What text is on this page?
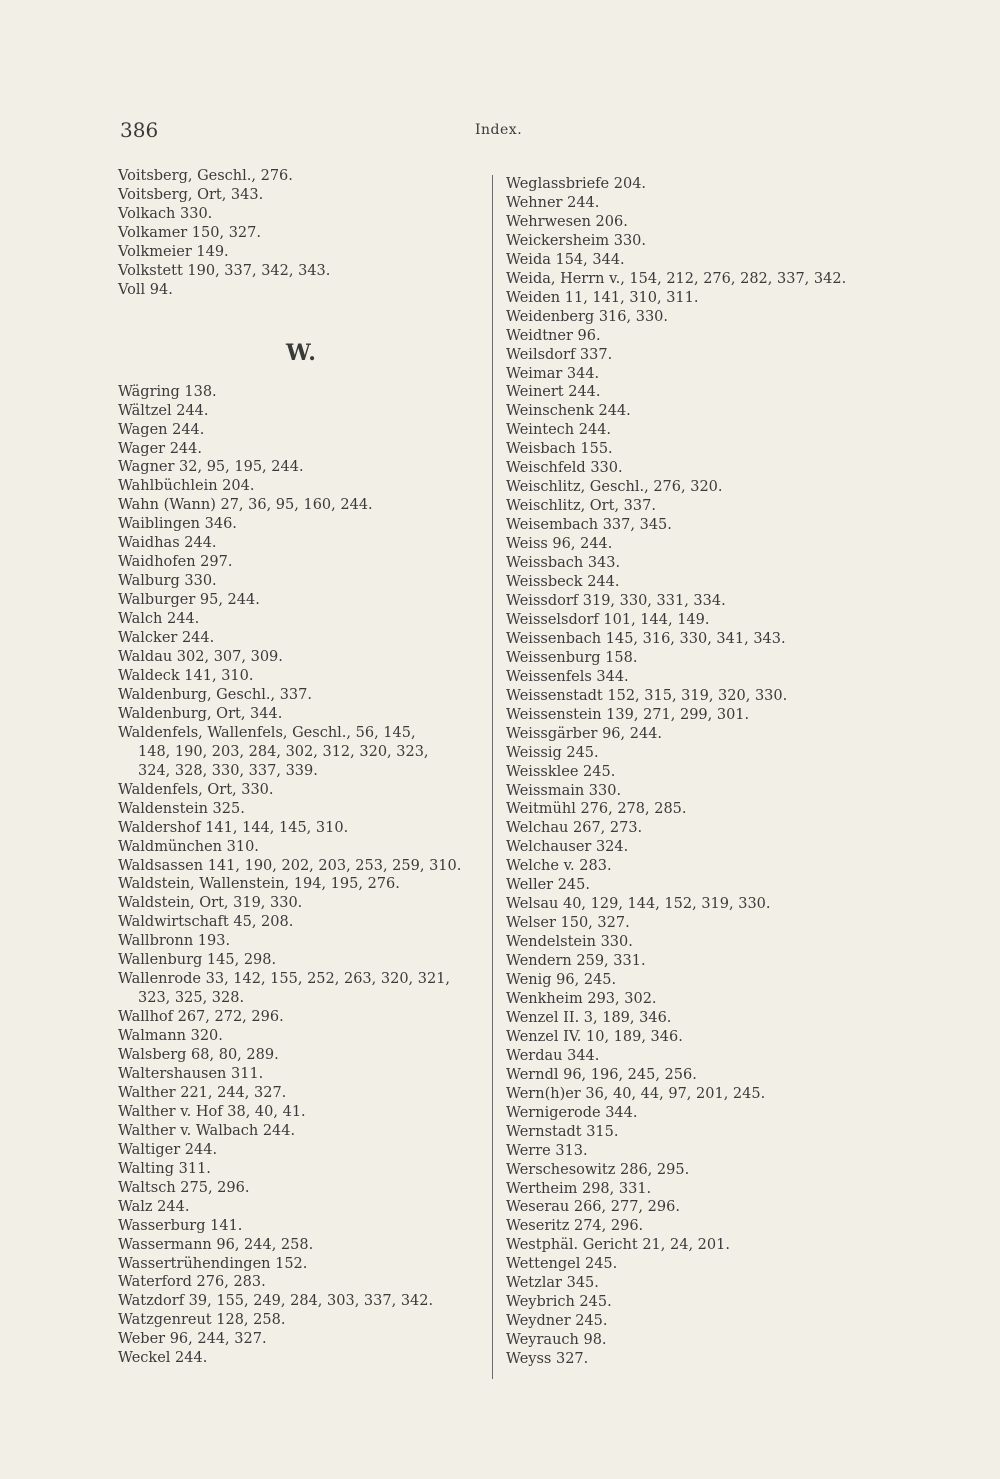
386	Index.
Voitsberg, Geschl., 276.
Voitsberg, Ort, 343.
Volkach 330.
Volkamer 150, 327.
Volkmeier 149.
Volkstett 190, 337, 342, 343.
Voll 94.
W.
Wägring 138.
Wältzel 244.
Wagen 244.
Wager 244.
Wagner 32, 95, 195, 244.
Wahlbüchlein 204.
Wahn (Wann) 27, 36, 95, 160, 244.
Waiblingen 346.
Waidhas 244.
Waidhofen 297.
Walburg 330.
Walburger 95, 244.
Walch 244.
Walcker 244.
Waldau 302, 307, 309.
Waldeck 141, 310.
Waldenburg, Geschl., 337.
Waldenburg, Ort, 344.
Waldenfels, Wallenfels, Geschl., 56, 145,
148, 190, 203, 284, 302, 312, 320, 323,
324, 328, 330, 337, 339.
Waldenfels, Ort, 330.
Waldenstein 325.
Waldershof 141, 144, 145, 310.
Waldmünchen 310.
Waldsassen 141, 190, 202, 203, 253, 259, 310.
Waldstein, Wallenstein, 194, 195, 276.
Waldstein, Ort, 319, 330.
Waldwirtschaft 45, 208.
Wallbronn 193.
Wallenburg 145, 298.
Wallenrode 33, 142, 155, 252, 263, 320, 321,
323, 325, 328.
Wallhof 267, 272, 296.
Walmann 320.
Walsberg 68, 80, 289.
Waltershausen 311.
Walther 221, 244, 327.
Walther v. Hof 38, 40, 41.
Walther v. Walbach 244.
Waltiger 244.
Walting 311.
Waltsch 275, 296.
Walz 244.
Wasserburg 141.
Wassermann 96, 244, 258.
Wassertrühendingen 152.
Waterford 276, 283.
Watzdorf 39, 155, 249, 284, 303, 337, 342.
Watzgenreut 128, 258.
Weber 96, 244, 327.
Weckel 244.
Weglassbriefe 204.
Wehner 244.
Wehrwesen 206.
Weickersheim 330.
Weida 154, 344.
Weida, Herrn v., 154, 212, 276, 282, 337, 342.
Weiden 11, 141, 310, 311.
Weidenberg 316, 330.
Weidtner 96.
Weilsdorf 337.
Weimar 344.
Weinert 244.
Weinschenk 244.
Weintech 244.
Weisbach 155.
Weischfeld 330.
Weischlitz, Geschl., 276, 320.
Weischlitz, Ort, 337.
Weisembach 337, 345.
Weiss 96, 244.
Weissbach 343.
Weissbeck 244.
Weissdorf 319, 330, 331, 334.
Weisselsdorf 101, 144, 149.
Weissenbach 145, 316, 330, 341, 343.
Weissenburg 158.
Weissenfels 344.
Weissenstadt 152, 315, 319, 320, 330.
Weissenstein 139, 271, 299, 301.
Weissgärber 96, 244.
Weissig 245.
Weissklee 245.
Weissmain 330.
Weitmühl 276, 278, 285.
Welchau 267, 273.
Welchauser 324.
Welche v. 283.
Weller 245.
Welsau 40, 129, 144, 152, 319, 330.
Welser 150, 327.
Wendelstein 330.
Wendern 259, 331.
Wenig 96, 245.
Wenkheim 293, 302.
Wenzel II. 3, 189, 346.
Wenzel IV. 10, 189, 346.
Werdau 344.
Werndl 96, 196, 245, 256.
Wern(h)er 36, 40, 44, 97, 201, 245.
Wernigerode 344.
Wernstadt 315.
Werre 313.
Werschesowitz 286, 295.
Wertheim 298, 331.
Weserau 266, 277, 296.
Weseritz 274, 296.
Westphäl. Gericht 21, 24, 201.
Wettengel 245.
Wetzlar 345.
Weybrich 245.
Weydner 245.
Weyrauch 98.
Weyss 327.
